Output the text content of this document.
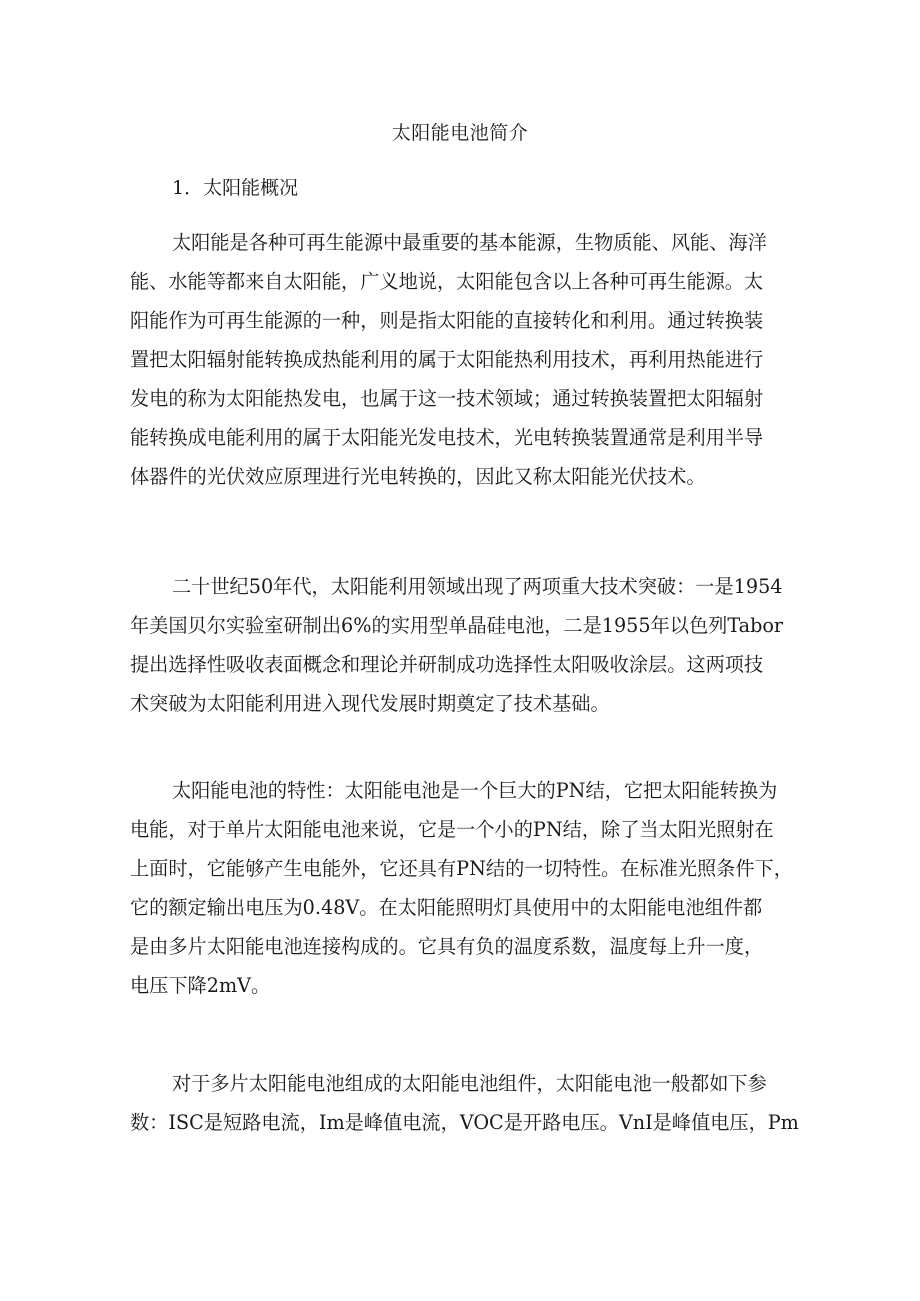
太阳能电池简介
1．太阳能概况
太阳能是各种可再生能源中最重要的基本能源，生物质能、风能、海洋
能、水能等都来自太阳能，广义地说，太阳能包含以上各种可再生能源。太
阳能作为可再生能源的一种，则是指太阳能的直接转化和利用。通过转换装
置把太阳辐射能转换成热能利用的属于太阳能热利用技术，再利用热能进行
发电的称为太阳能热发电，也属于这一技术领域；通过转换装置把太阳辐射
能转换成电能利用的属于太阳能光发电技术，光电转换装置通常是利用半导
体器件的光伏效应原理进行光电转换的，因此又称太阳能光伏技术。
二十世纪50年代，太阳能利用领域出现了两项重大技术突破：一是1954
年美国贝尔实验室研制出6%的实用型单晶硅电池，二是1955年以色列Tabor
提出选择性吸收表面概念和理论并研制成功选择性太阳吸收涂层。这两项技
术突破为太阳能利用进入现代发展时期奠定了技术基础。
太阳能电池的特性：太阳能电池是一个巨大的PN结，它把太阳能转换为
电能，对于单片太阳能电池来说，它是一个小的PN结，除了当太阳光照射在
上面时，它能够产生电能外，它还具有PN结的一切特性。在标准光照条件下，
它的额定输出电压为0.48V。在太阳能照明灯具使用中的太阳能电池组件都
是由多片太阳能电池连接构成的。它具有负的温度系数，温度每上升一度，
电压下降2mV。
对于多片太阳能电池组成的太阳能电池组件，太阳能电池一般都如下参
数：ISC是短路电流，Im是峰值电流，VOC是开路电压。VnI是峰值电压，Pm
